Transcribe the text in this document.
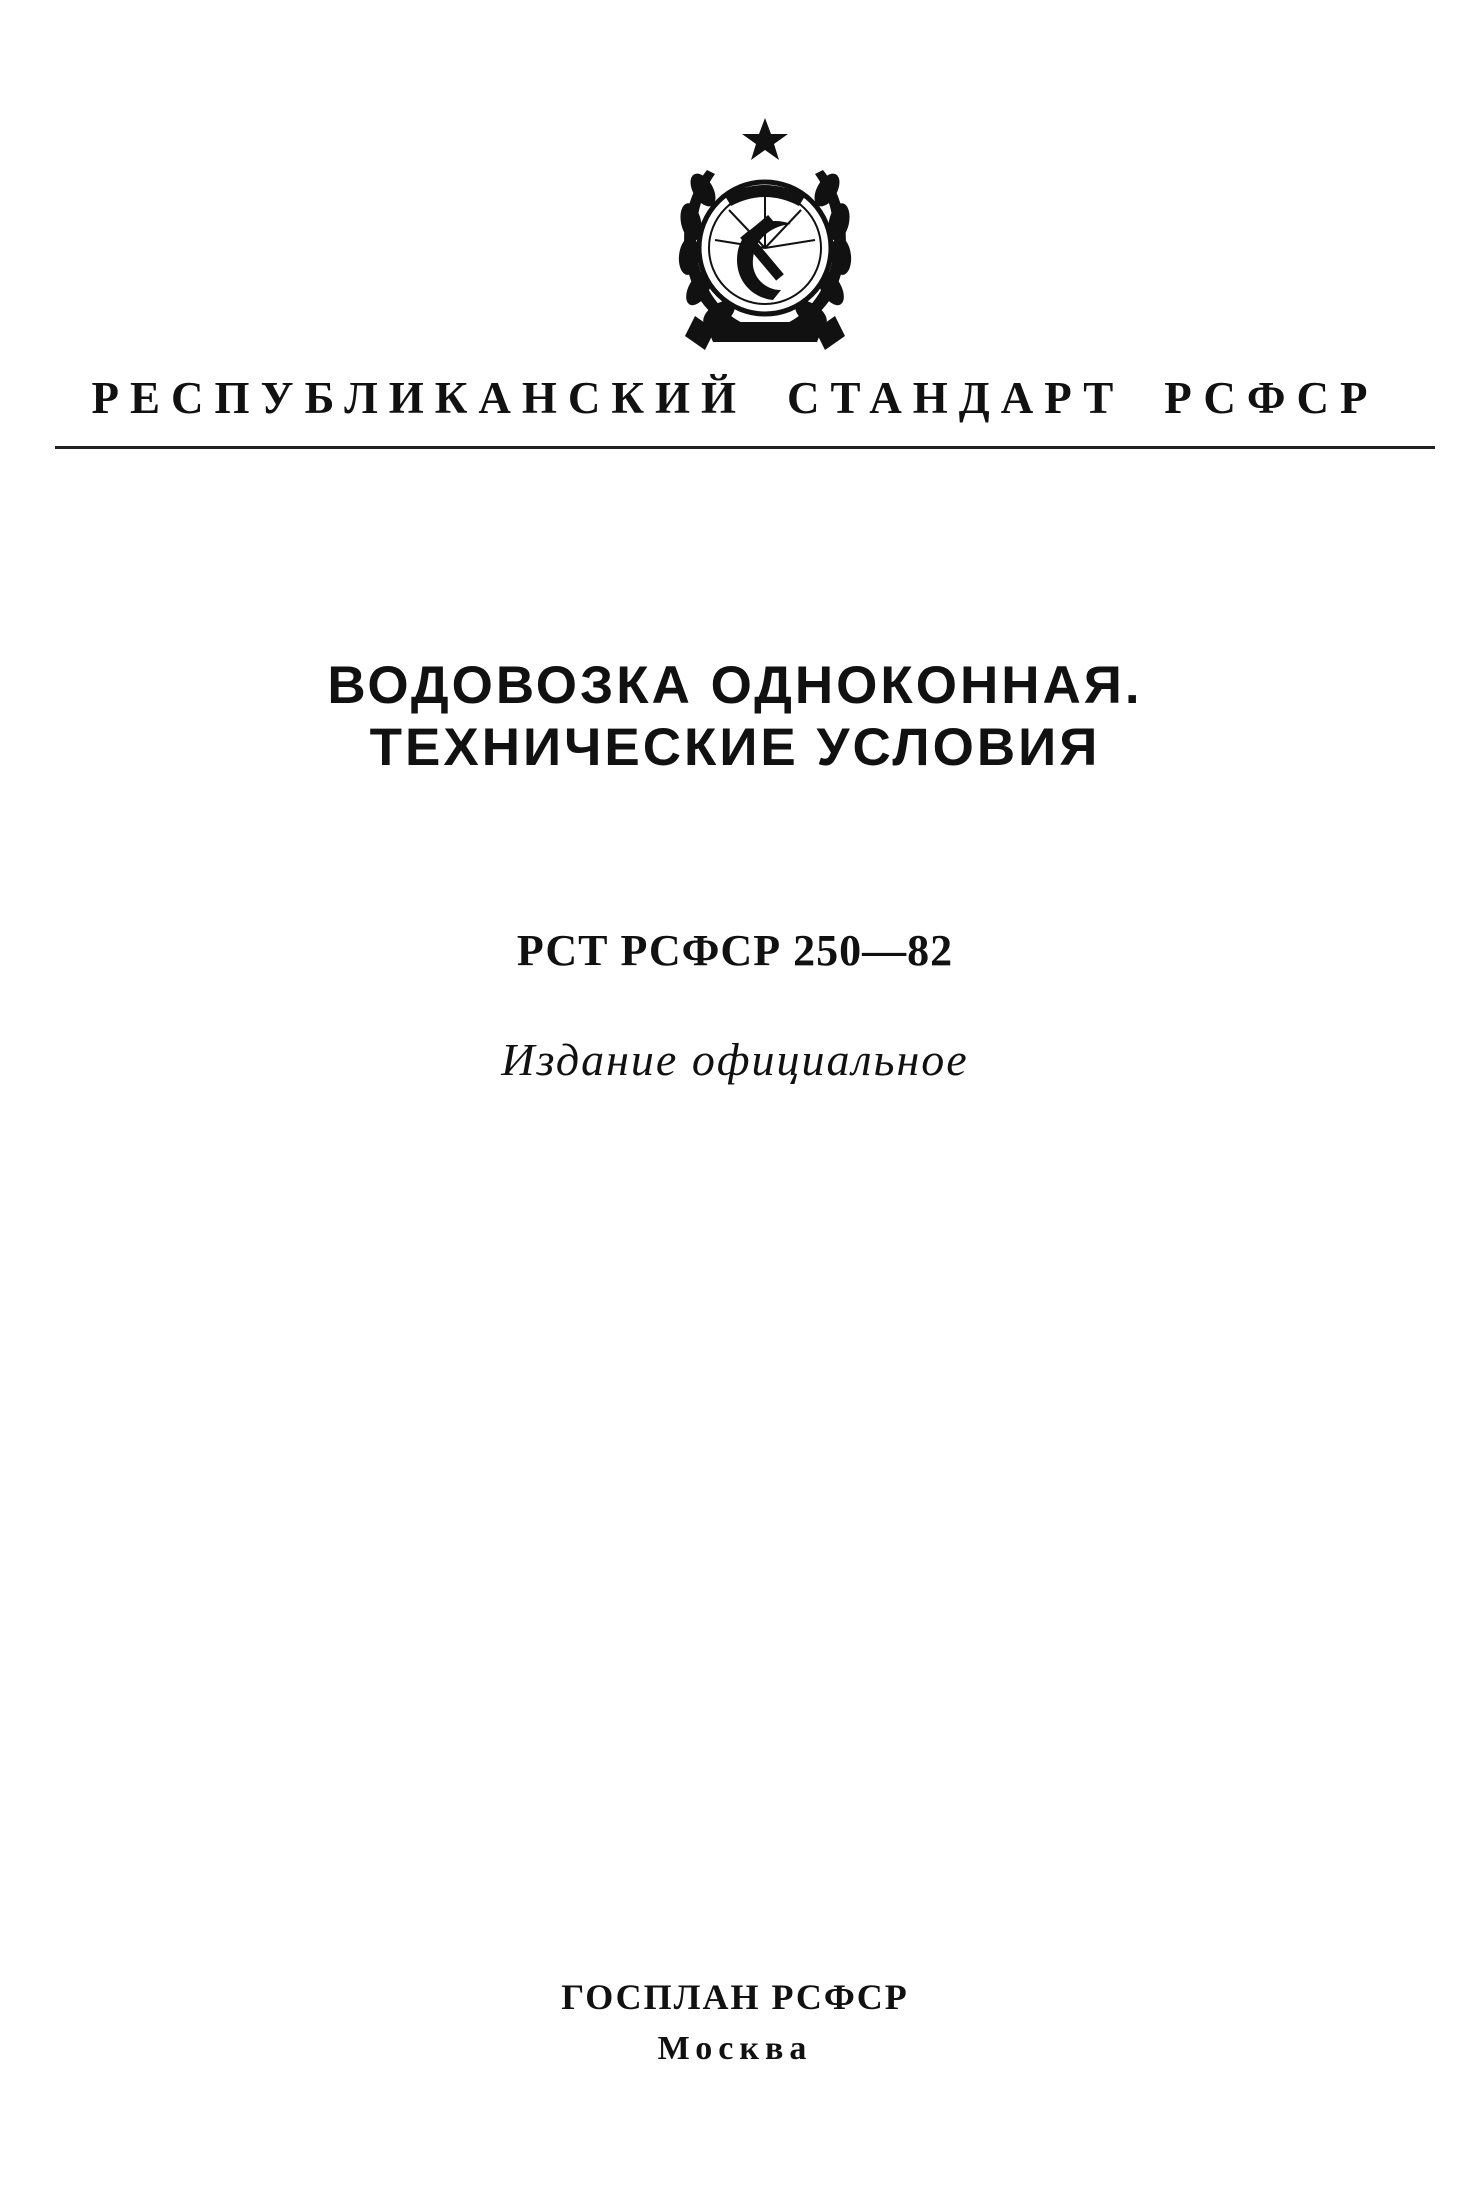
РЕСПУБЛИКАНСКИЙ СТАНДАРТ РСФСР
ВОДОВОЗКА ОДНОКОННАЯ.
ТЕХНИЧЕСКИЕ УСЛОВИЯ
РСТ РСФСР 250—82
Издание официальное
ГОСПЛАН РСФСР
Москва
